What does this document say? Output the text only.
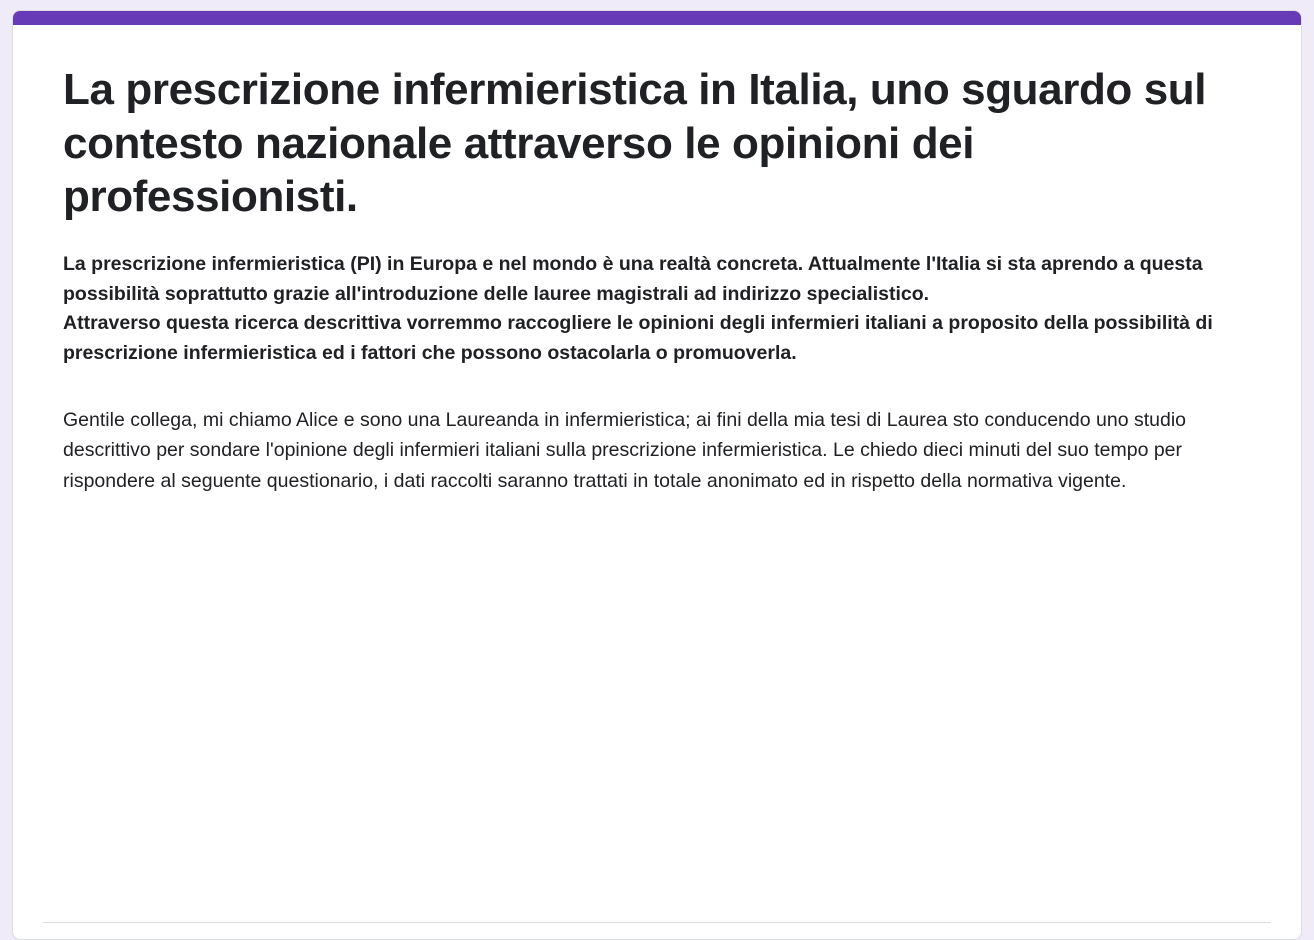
La prescrizione infermieristica in Italia, uno sguardo sul contesto nazionale attraverso le opinioni dei professionisti.

La prescrizione infermieristica (PI) in Europa e nel mondo è una realtà concreta. Attualmente l'Italia si sta aprendo a questa possibilità soprattutto grazie all'introduzione delle lauree magistrali ad indirizzo specialistico.

Attraverso questa ricerca descrittiva vorremmo raccogliere le opinioni degli infermieri italiani a proposito della possibilità di prescrizione infermieristica ed i fattori che possono ostacolarla o promuoverla.

Gentile collega, mi chiamo Alice e sono una Laureanda in infermieristica; ai fini della mia tesi di Laurea sto conducendo uno studio descrittivo per sondare l'opinione degli infermieri italiani sulla prescrizione infermieristica. Le chiedo dieci minuti del suo tempo per rispondere al seguente questionario, i dati raccolti saranno trattati in totale anonimato ed in rispetto della normativa vigente.
